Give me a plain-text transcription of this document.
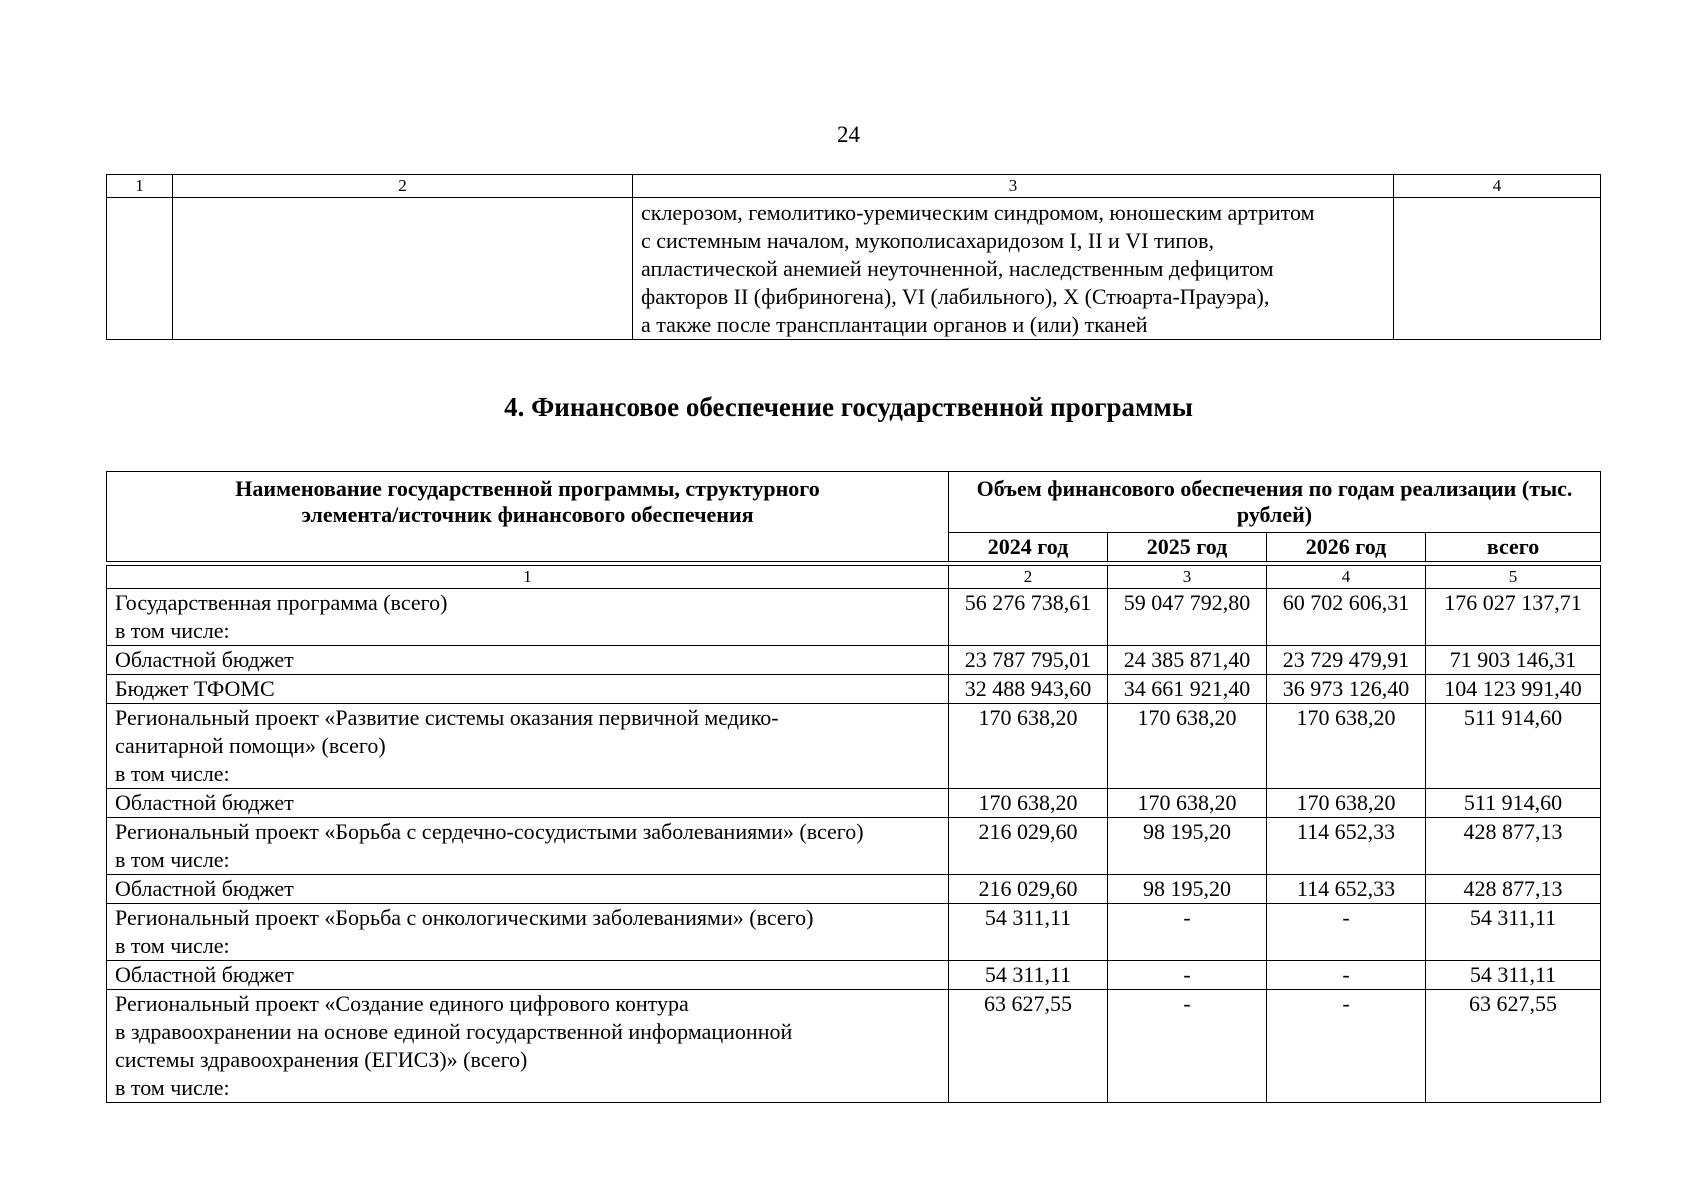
24
1	2	3	4

		склерозом, гемолитико-уремическим синдромом, юношеским артритом
с системным началом, мукополисахаридозом I, II и VI типов,
апластической анемией неуточненной, наследственным дефицитом
факторов II (фибриногена), VI (лабильного), X (Стюарта-Прауэра),
а также после трансплантации органов и (или) тканей	

4. Финансовое обеспечение государственной программы
Наименование государственной программы, структурного элемента/источник финансового обеспечения	Объем финансового обеспечения по годам реализации (тыс. рублей)			
	2024 год	2025 год	2026 год	всего

1	2	3	4	5

Государственная программа (всего)
в том числе:	56 276 738,61	59 047 792,80	60 702 606,31	176 027 137,71

Областной бюджет	23 787 795,01	24 385 871,40	23 729 479,91	71 903 146,31

Бюджет ТФОМС	32 488 943,60	34 661 921,40	36 973 126,40	104 123 991,40

Региональный проект «Развитие системы оказания первичной медико-
санитарной помощи» (всего)
в том числе:	170 638,20	170 638,20	170 638,20	511 914,60

Областной бюджет	170 638,20	170 638,20	170 638,20	511 914,60

Региональный проект «Борьба с сердечно-сосудистыми заболеваниями» (всего)
в том числе:	216 029,60	98 195,20	114 652,33	428 877,13

Областной бюджет	216 029,60	98 195,20	114 652,33	428 877,13

Региональный проект «Борьба с онкологическими заболеваниями» (всего)
в том числе:	54 311,11	-	-	54 311,11

Областной бюджет	54 311,11	-	-	54 311,11

Региональный проект «Создание единого цифрового контура
в здравоохранении на основе единой государственной информационной
системы здравоохранения (ЕГИСЗ)» (всего)
в том числе:	63 627,55	-	-	63 627,55
